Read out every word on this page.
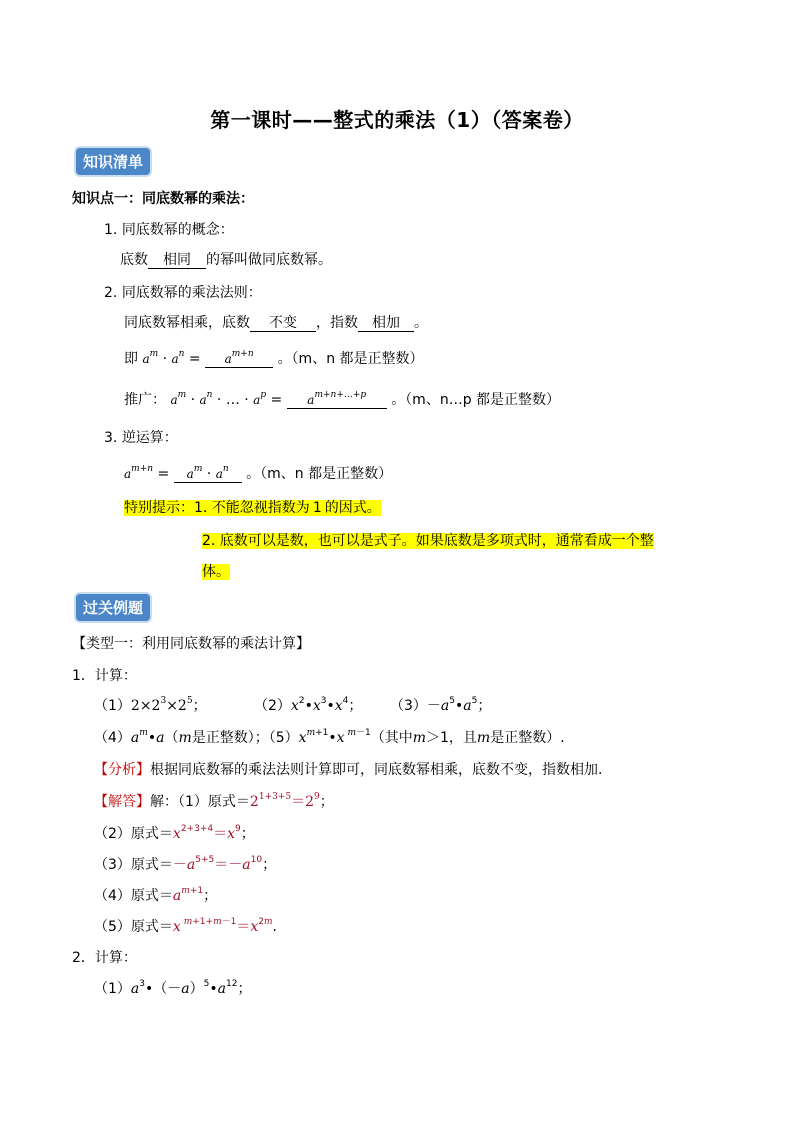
第一课时——整式的乘法（1）（答案卷）
知识清单
知识点一：同底数幂的乘法：
1. 同底数幂的概念：
底数 相同 的幂叫做同底数幂。
2. 同底数幂的乘法法则：
同底数幂相乘，底数 不变 ，指数 相加 。
即 $a^m \cdot a^n = a^{m+n}$ 。（m、n 都是正整数）
推广： $a^m \cdot a^n$ · … · $a^p = a^{m+n+\dots+p}$ 。（m、n…p 都是正整数）
3. 逆运算：
$a^{m+n} = a^m \cdot a^n$ 。（m、n 都是正整数）
特别提示：1. 不能忽视指数为 1 的因式。
2. 底数可以是数，也可以是式子。如果底数是多项式时，通常看成一个整
体。
过关例题
【类型一：利用同底数幂的乘法计算】
1．计算：
$(1)2\times 2^3\times 2^5$；	$(2)x^2•x^3•x^4$； $(3)-a^5•a^5$；
$(4)a^m•a(m$是正整数）；$(5)x^{m+1}•x$ $^{m-1}$（其中m＞1，且m是正整数）.
【分析】根据同底数幂的乘法法则计算即可，同底数幂相乘，底数不变，指数相加.
【解答】解：（1）原式$=2^{1+3+5}=2^9$；
（2）原式$=x^{2+3+4}=x^9$；
（3）原式$=-a^{5+5}=-a^{10}$；
（4）原式$=a^{m+1}$；
（5）原式＝x $^{m+1+m-1}=x^{2m}$.
2．计算：
$(1)a^3•(-a)^5•a^{12}$；
